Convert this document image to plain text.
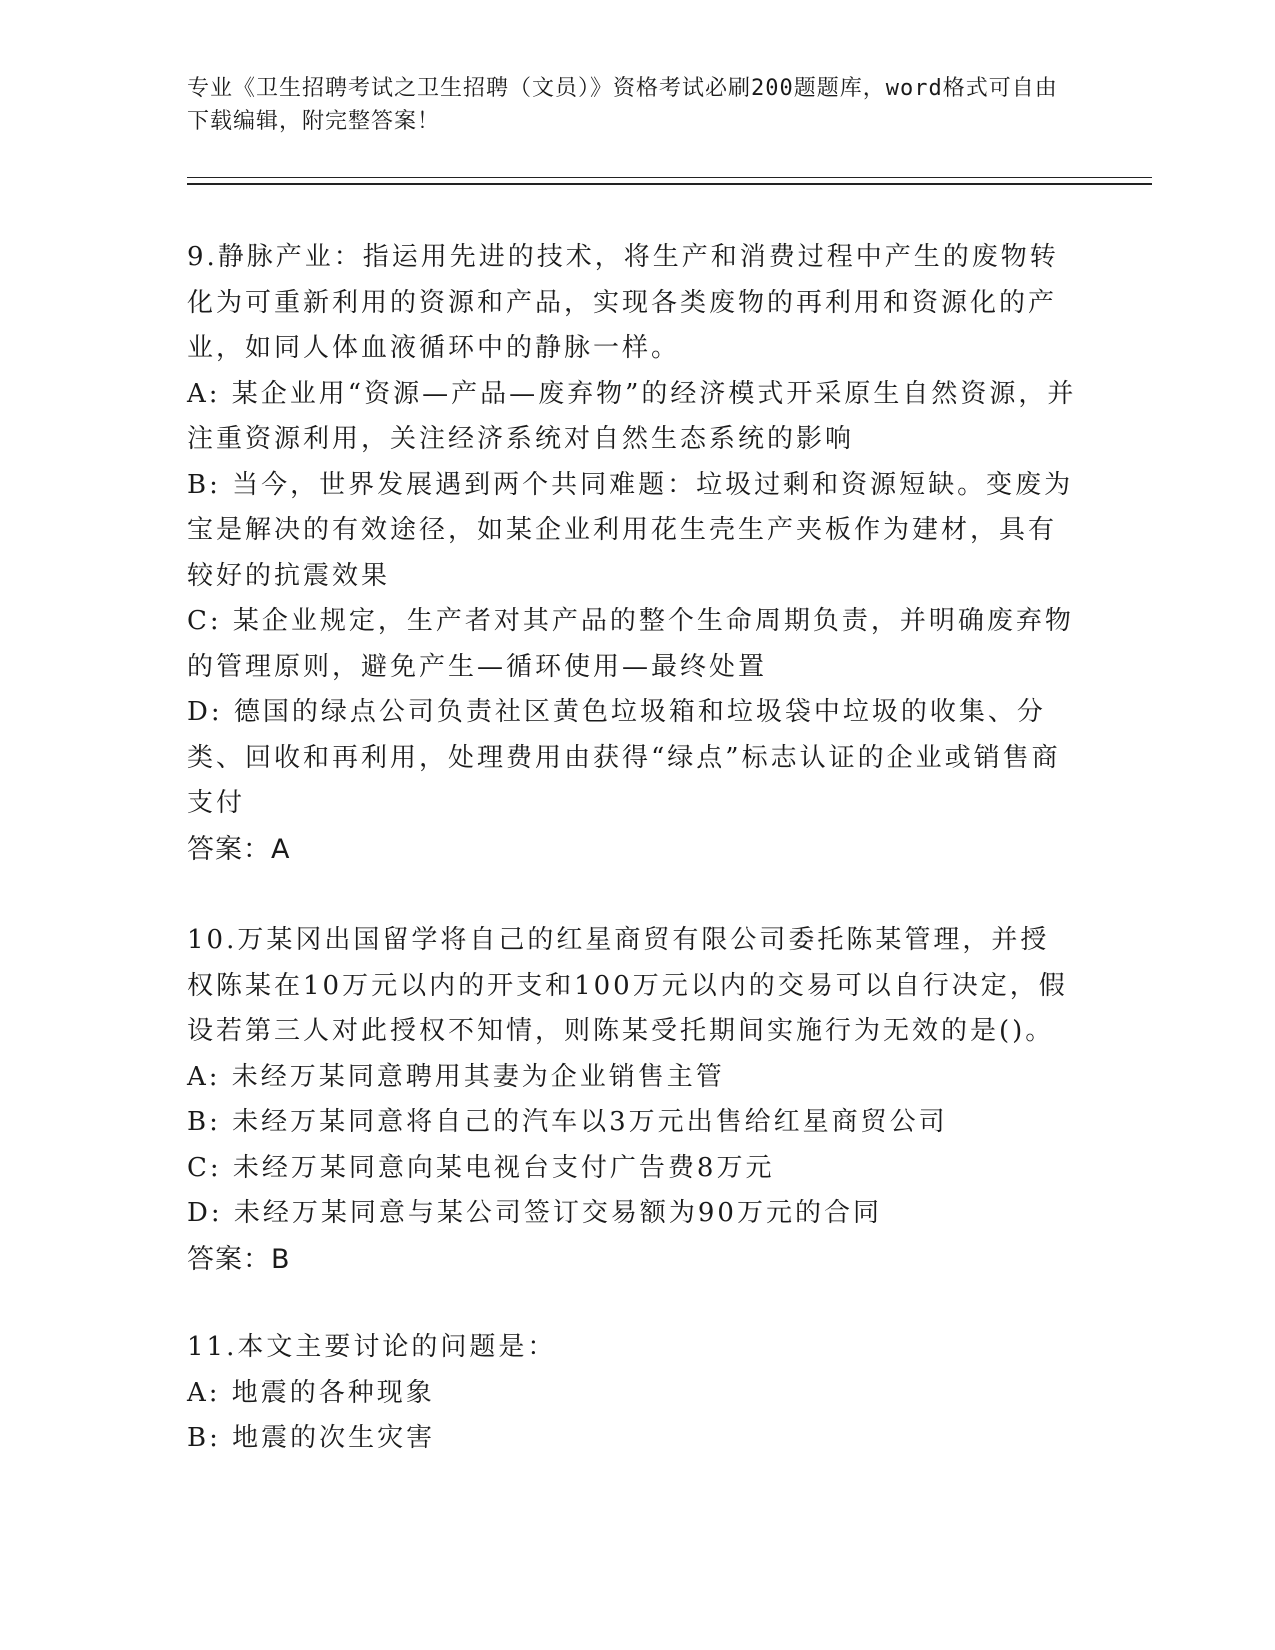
专业《卫生招聘考试之卫生招聘（文员）》资格考试必刷200题题库，word格式可自由下载编辑，附完整答案！
9.静脉产业：指运用先进的技术，将生产和消费过程中产生的废物转化为可重新利用的资源和产品，实现各类废物的再利用和资源化的产业，如同人体血液循环中的静脉一样。
A: 某企业用“资源—产品—废弃物”的经济模式开采原生自然资源，并注重资源利用，关注经济系统对自然生态系统的影响
B: 当今，世界发展遇到两个共同难题：垃圾过剩和资源短缺。变废为宝是解决的有效途径，如某企业利用花生壳生产夹板作为建材，具有较好的抗震效果
C: 某企业规定，生产者对其产品的整个生命周期负责，并明确废弃物的管理原则，避免产生—循环使用—最终处置
D: 德国的绿点公司负责社区黄色垃圾箱和垃圾袋中垃圾的收集、分类、回收和再利用，处理费用由获得“绿点”标志认证的企业或销售商支付
答案：A
10.万某冈出国留学将自己的红星商贸有限公司委托陈某管理，并授权陈某在10万元以内的开支和100万元以内的交易可以自行决定，假设若第三人对此授权不知情，则陈某受托期间实施行为无效的是()。
A: 未经万某同意聘用其妻为企业销售主管
B: 未经万某同意将自己的汽车以3万元出售给红星商贸公司
C: 未经万某同意向某电视台支付广告费8万元
D: 未经万某同意与某公司签订交易额为90万元的合同
答案：B
11.本文主要讨论的问题是：
A: 地震的各种现象
B: 地震的次生灾害
